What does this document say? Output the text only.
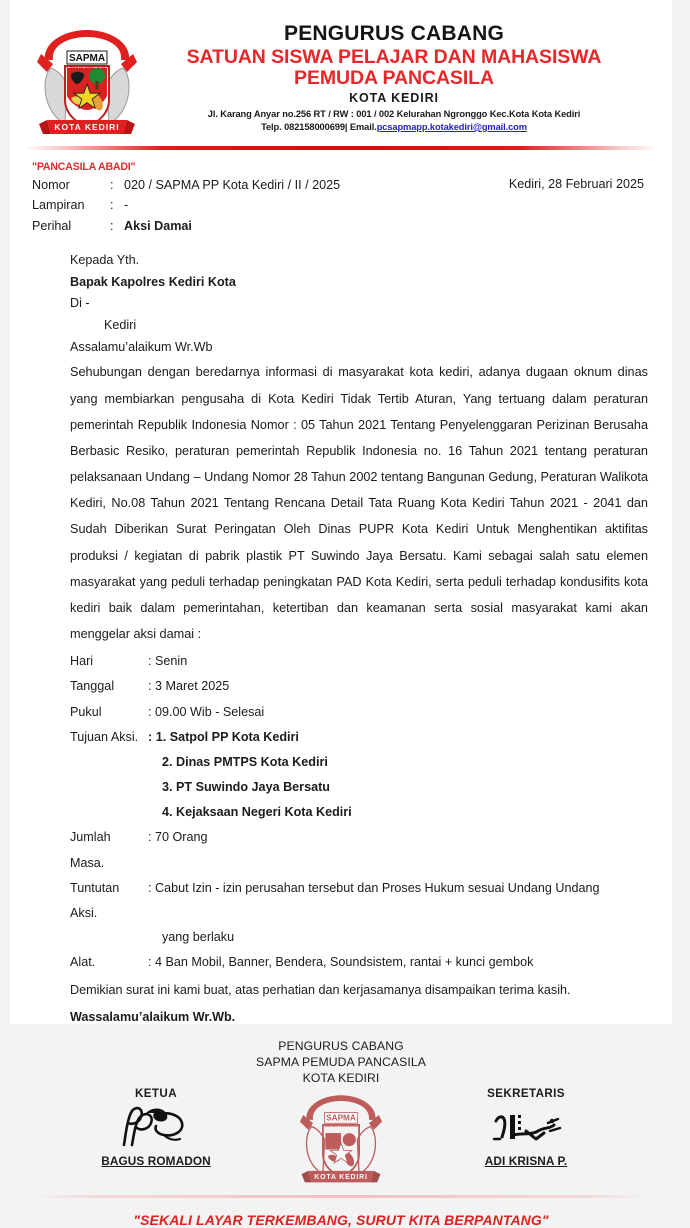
SAPMA
PEMUDA PANCASILA
KOTA KEDIRI
PENGURUS CABANG
SATUAN SISWA PELAJAR DAN MAHASISWA
PEMUDA PANCASILA
KOTA KEDIRI
Jl. Karang Anyar no.256 RT / RW : 001 / 002 Kelurahan Ngronggo Kec.Kota Kota Kediri
Telp. 082158000699| Email.pcsapmapp.kotakediri@gmail.com
"PANCASILA ABADI"
Kediri, 28 Februari 2025
Nomor	: 020 / SAPMA PP Kota Kediri / II / 2025
Lampiran	: -
Perihal	: Aksi Damai
Kepada Yth.
Bapak Kapolres Kediri Kota
Di -
Kediri
Assalamu’alaikum Wr.Wb
Sehubungan dengan beredarnya informasi di masyarakat kota kediri, adanya dugaan oknum dinas yang membiarkan pengusaha di Kota Kediri Tidak Tertib Aturan, Yang tertuang dalam peraturan pemerintah Republik Indonesia Nomor : 05 Tahun 2021 Tentang Penyelenggaran Perizinan Berusaha Berbasic Resiko, peraturan pemerintah Republik Indonesia no. 16 Tahun 2021 tentang peraturan pelaksanaan Undang – Undang Nomor 28 Tahun 2002 tentang Bangunan Gedung, Peraturan Walikota Kediri, No.08 Tahun 2021 Tentang Rencana Detail Tata Ruang Kota Kediri Tahun 2021 - 2041 dan Sudah Diberikan Surat Peringatan Oleh Dinas PUPR Kota Kediri Untuk Menghentikan aktifitas produksi / kegiatan di pabrik plastik PT Suwindo Jaya Bersatu. Kami sebagai salah satu elemen masyarakat yang peduli terhadap peningkatan PAD Kota Kediri, serta peduli terhadap kondusifits kota kediri baik dalam pemerintahan, ketertiban dan keamanan serta sosial masyarakat kami akan menggelar aksi damai :
Hari	: Senin
Tanggal	: 3 Maret 2025
Pukul	: 09.00 Wib - Selesai
Tujuan Aksi. : 1. Satpol PP Kota Kediri
2. Dinas PMTPS Kota Kediri
3. PT Suwindo Jaya Bersatu
4. Kejaksaan Negeri Kota Kediri
Jumlah Masa.
: 70 Orang
Tuntutan Aksi.
: Cabut Izin - izin perusahan tersebut dan Proses Hukum sesuai Undang Undang
yang berlaku
Alat.	: 4 Ban Mobil, Banner, Bendera, Soundsistem, rantai + kunci gembok
Demikian surat ini kami buat, atas perhatian dan kerjasamanya disampaikan terima kasih.
Wassalamu’alaikum Wr.Wb.
PENGURUS CABANG
SAPMA PEMUDA PANCASILA
KOTA KEDIRI
KETUA
BAGUS ROMADON
SAPMA
PEMUDA PANCASILA
KOTA KEDIRI
SEKRETARIS
ADI KRISNA P.
"SEKALI LAYAR TERKEMBANG, SURUT KITA BERPANTANG"
